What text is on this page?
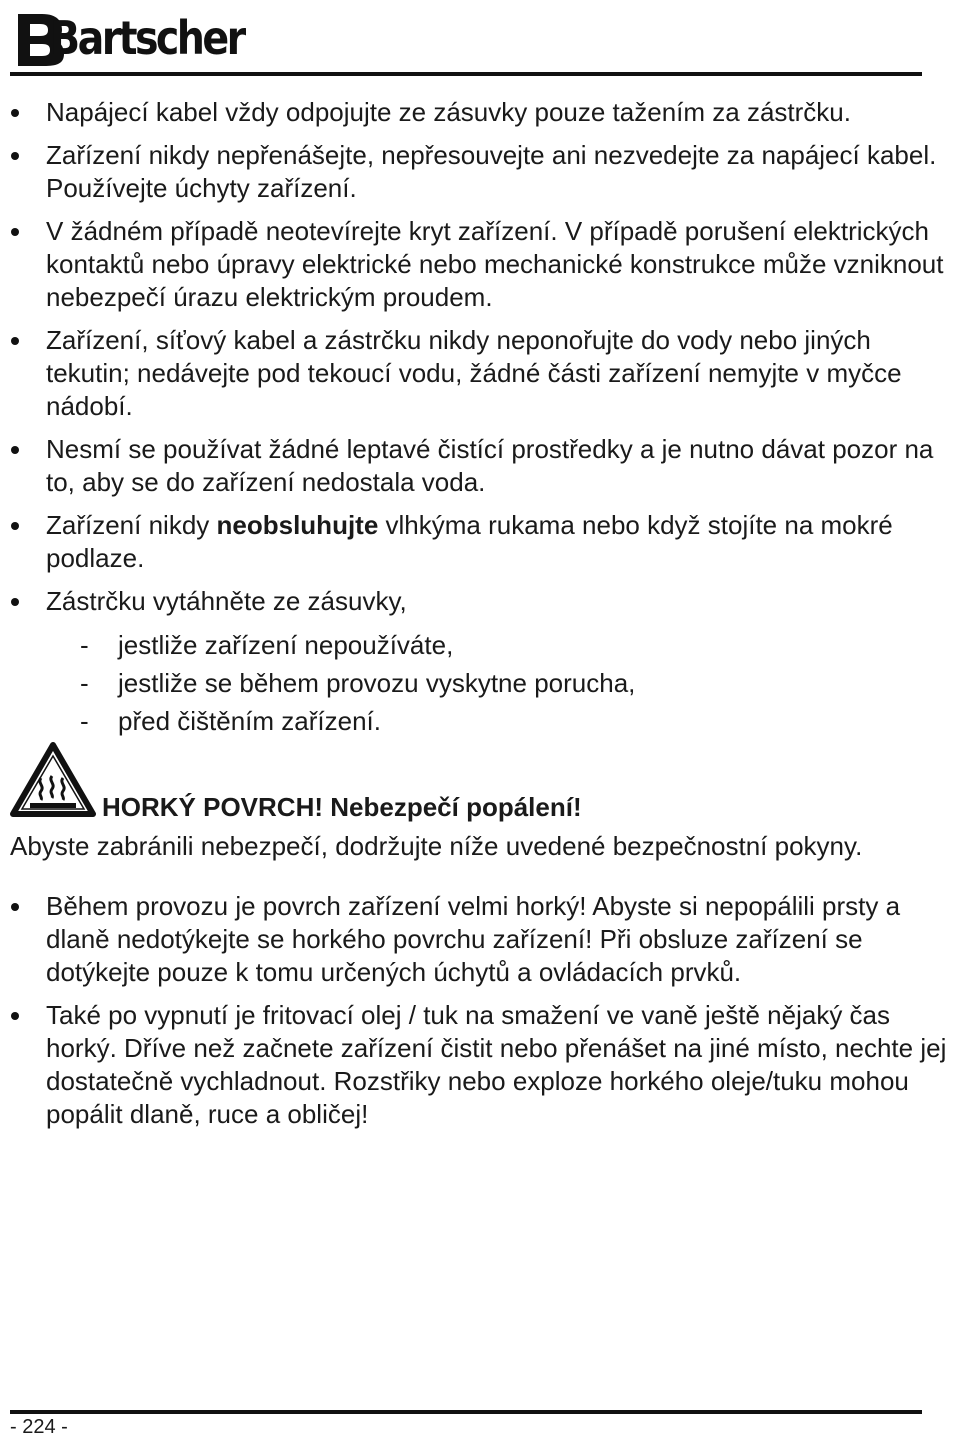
Bartscher
Napájecí kabel vždy odpojujte ze zásuvky pouze tažením za zástrčku.
Zařízení nikdy nepřenášejte, nepřesouvejte ani nezvedejte za napájecí kabel. Používejte úchyty zařízení.
V žádném případě neotevírejte kryt zařízení. V případě porušení elektrických kontaktů nebo úpravy elektrické nebo mechanické konstrukce může vzniknout nebezpečí úrazu elektrickým proudem.
Zařízení, síťový kabel a zástrčku nikdy neponořujte do vody nebo jiných tekutin; nedávejte pod tekoucí vodu, žádné části zařízení nemyjte v myčce nádobí.
Nesmí se používat žádné leptavé čistící prostředky a je nutno dávat pozor na to, aby se do zařízení nedostala voda.
Zařízení nikdy neobsluhujte vlhkýma rukama nebo když stojíte na mokré podlaze.
Zástrčku vytáhněte ze zásuvky,
- jestliže zařízení nepoužíváte,
- jestliže se během provozu vyskytne porucha,
- před čištěním zařízení.
HORKÝ POVRCH! Nebezpečí popálení!
Abyste zabránili nebezpečí, dodržujte níže uvedené bezpečnostní pokyny.
Během provozu je povrch zařízení velmi horký! Abyste si nepopálili prsty a dlaně nedotýkejte se horkého povrchu zařízení! Při obsluze zařízení se dotýkejte pouze k tomu určených úchytů a ovládacích prvků.
Také po vypnutí je fritovací olej / tuk na smažení ve vaně ještě nějaký čas horký. Dříve než začnete zařízení čistit nebo přenášet na jiné místo, nechte jej dostatečně vychladnout. Rozstřiky nebo exploze horkého oleje/tuku mohou popálit dlaně, ruce a obličej!
- 224 -
